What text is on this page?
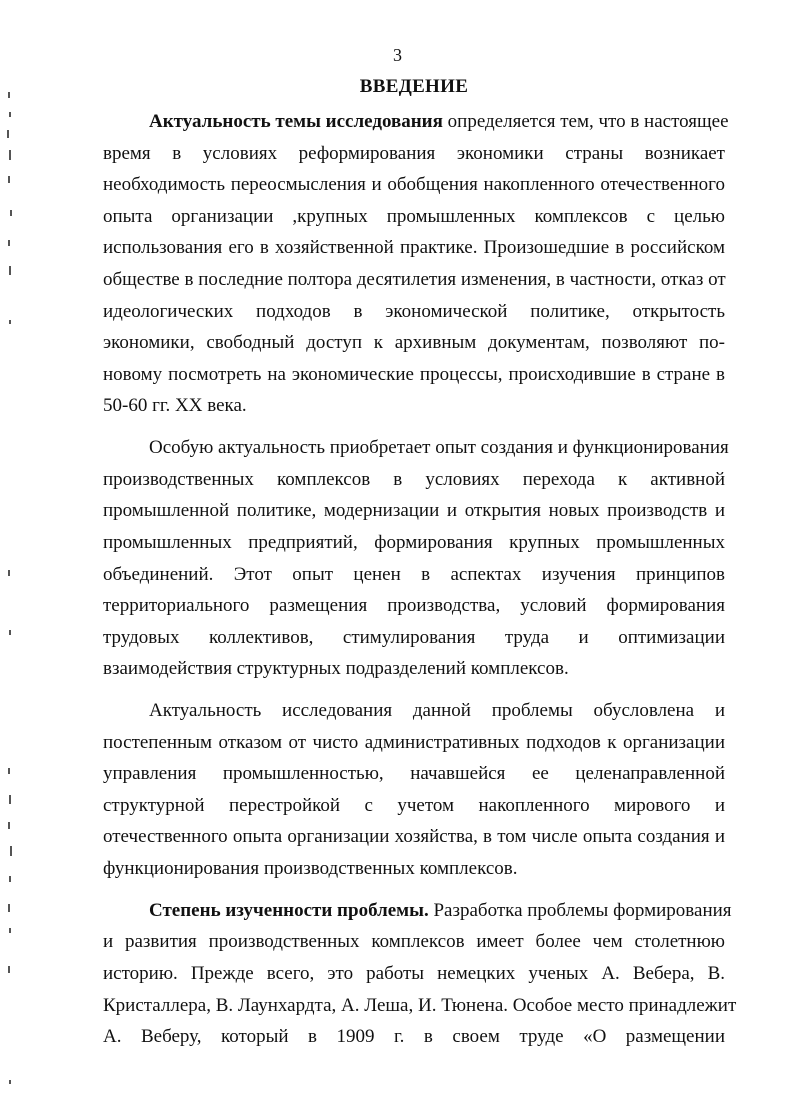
3
ВВЕДЕНИЕ

Актуальность темы исследования определяется тем, что в настоящее
время в условиях реформирования экономики страны возникает
необходимость переосмысления и обобщения накопленного отечественного
опыта организации ,крупных промышленных комплексов с целью
использования его в хозяйственной практике. Произошедшие в российском
обществе в последние полтора десятилетия изменения, в частности, отказ от
идеологических подходов в экономической политике, открытость
экономики, свободный доступ к архивным документам, позволяют по-
новому посмотреть на экономические процессы, происходившие в стране в
50-60 гг. XX века.

Особую актуальность приобретает опыт создания и функционирования
производственных комплексов в условиях перехода к активной
промышленной политике, модернизации и открытия новых производств и
промышленных предприятий, формирования крупных промышленных
объединений. Этот опыт ценен в аспектах изучения принципов
территориального размещения производства, условий формирования
трудовых коллективов, стимулирования труда и оптимизации
взаимодействия структурных подразделений комплексов.

Актуальность исследования данной проблемы обусловлена и
постепенным отказом от чисто административных подходов к организации
управления промышленностью, начавшейся ее целенаправленной
структурной перестройкой с учетом накопленного мирового и
отечественного опыта организации хозяйства, в том числе опыта создания и
функционирования производственных комплексов.

Степень изученности проблемы. Разработка проблемы формирования
и развития производственных комплексов имеет более чем столетнюю
историю. Прежде всего, это работы немецких ученых А. Вебера, В.
Кристаллера, В. Лаунхардта, А. Леша, И. Тюнена. Особое место принадлежит
А. Веберу, который в 1909 г. в своем труде «О размещении
